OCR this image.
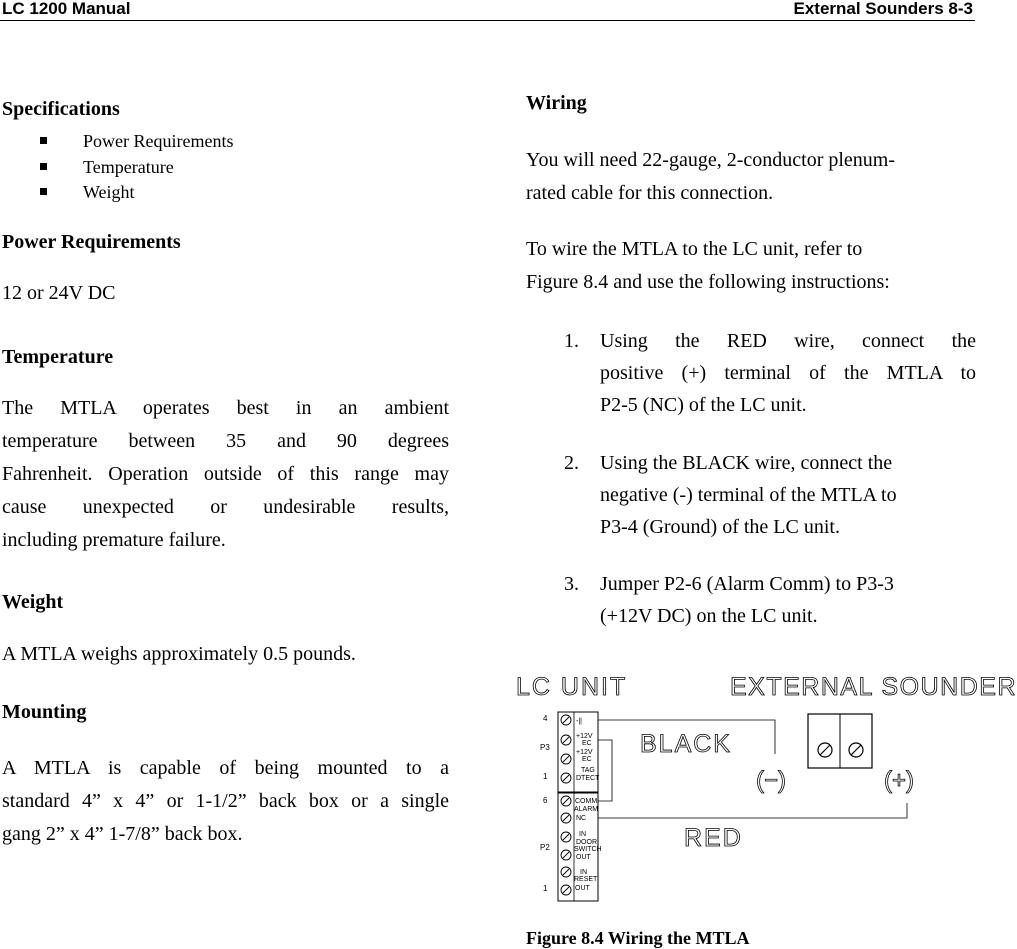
LC 1200 Manual	External Sounders 8-3
Specifications
Power Requirements
Temperature
Weight
Power Requirements
12 or 24V DC
Temperature
The MTLA operates best in an ambient
temperature between 35 and 90 degrees
Fahrenheit. Operation outside of this range may
cause unexpected or undesirable results,
including premature failure.
Weight
A MTLA weighs approximately 0.5 pounds.
Mounting
A MTLA is capable of being mounted to a
standard 4” x 4” or 1-1/2” back box or a single
gang 2” x 4” 1-7/8” back box.
Wiring
You will need 22-gauge, 2-conductor plenum-
rated cable for this connection.
To wire the MTLA to the LC unit, refer to
Figure 8.4 and use the following instructions:
1. Using the RED wire, connect the
positive (+) terminal of the MTLA to
P2-5 (NC) of the LC unit.
2. Using the BLACK wire, connect the
negative (-) terminal of the MTLA to
P3-4 (Ground) of the LC unit.
3. Jumper P2-6 (Alarm Comm) to P3-3
(+12V DC) on the LC unit.
LC UNIT	EXTERNAL SOUNDER
4
P3
1
6
P2
1
-||
+12V
EC
+12V
EC
TAG
DTECT
COMM
ALARM
NC
IN
DOOR
SWITCH
OUT
IN
RESET
OUT
BLACK
RED
(−)	(+)
Figure 8.4 Wiring the MTLA
